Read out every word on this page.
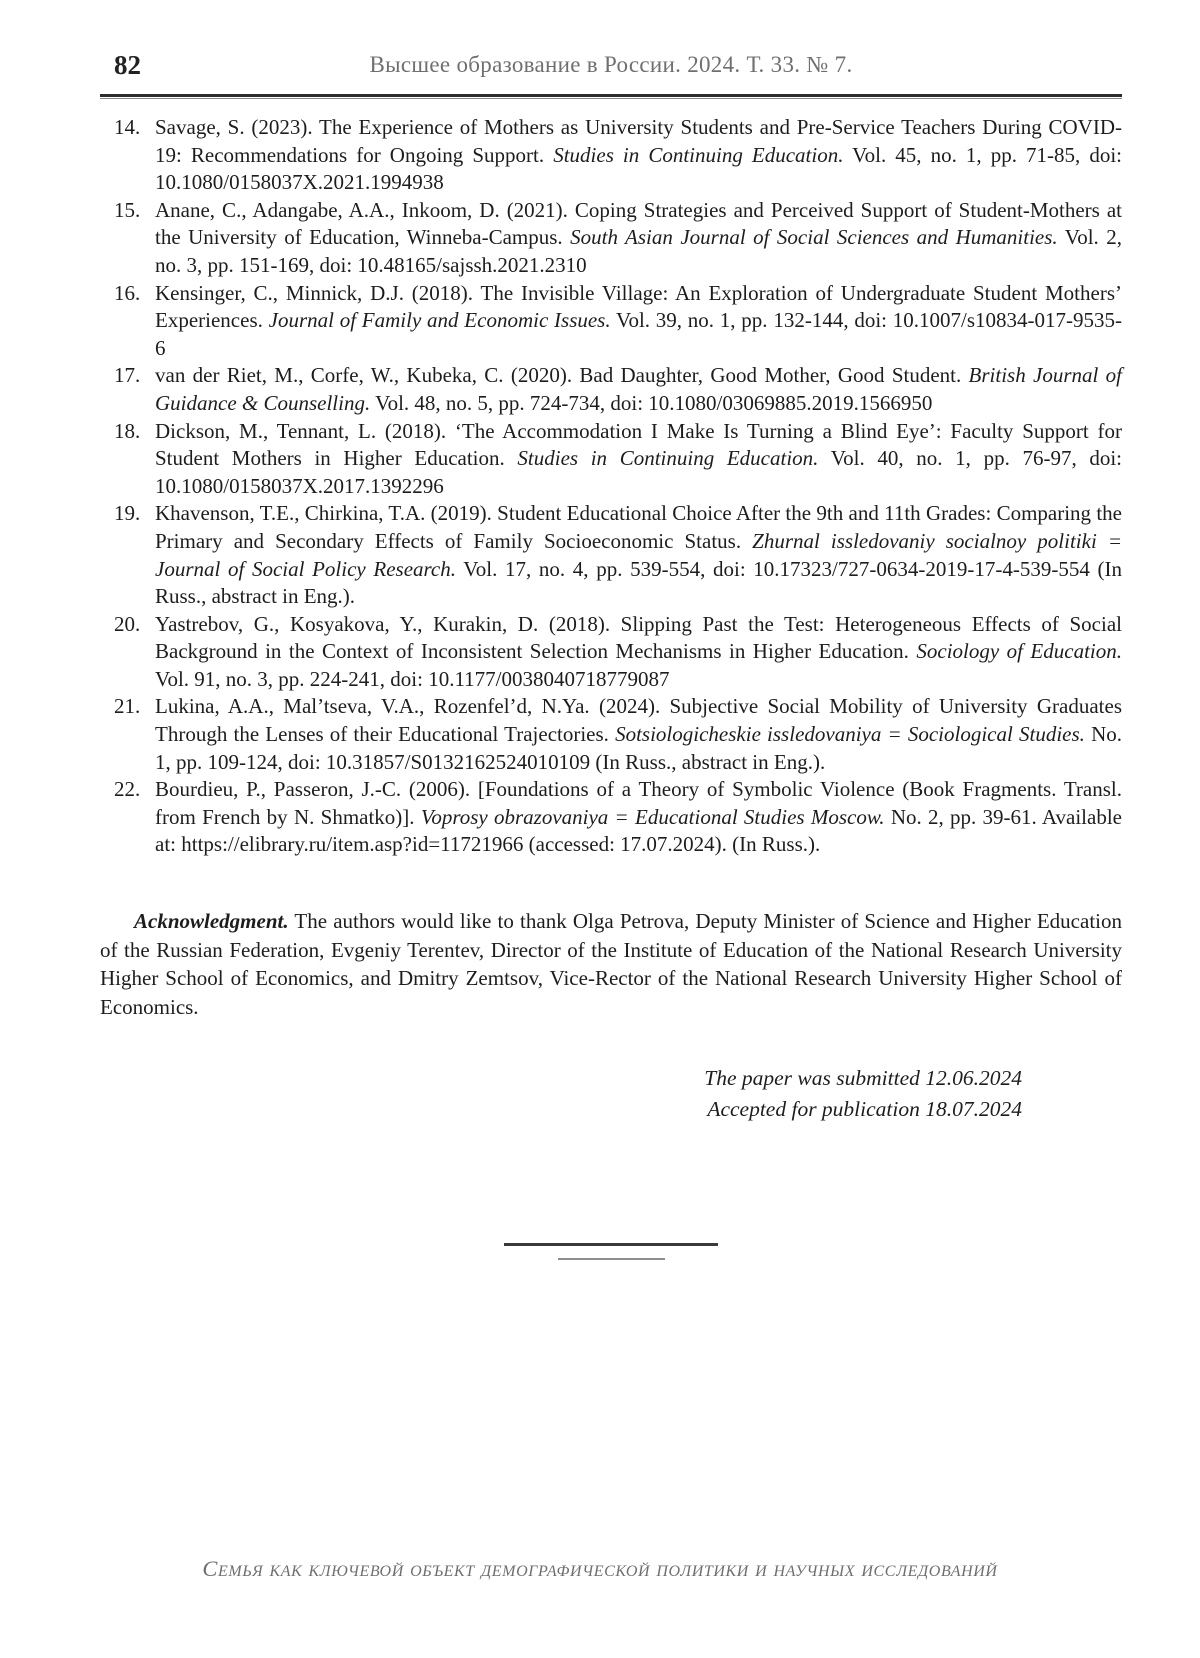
82	Высшее образование в России. 2024. Т. 33. № 7.
14. Savage, S. (2023). The Experience of Mothers as University Students and Pre-Service Teachers During COVID-19: Recommendations for Ongoing Support. Studies in Continuing Education. Vol. 45, no. 1, pp. 71-85, doi: 10.1080/0158037X.2021.1994938
15. Anane, C., Adangabe, A.A., Inkoom, D. (2021). Coping Strategies and Perceived Support of Student-Mothers at the University of Education, Winneba-Campus. South Asian Journal of Social Sciences and Humanities. Vol. 2, no. 3, pp. 151-169, doi: 10.48165/sajssh.2021.2310
16. Kensinger, C., Minnick, D.J. (2018). The Invisible Village: An Exploration of Undergraduate Student Mothers’ Experiences. Journal of Family and Economic Issues. Vol. 39, no. 1, pp. 132-144, doi: 10.1007/s10834-017-9535-6
17. van der Riet, M., Corfe, W., Kubeka, C. (2020). Bad Daughter, Good Mother, Good Student. British Journal of Guidance & Counselling. Vol. 48, no. 5, pp. 724-734, doi: 10.1080/03069885.2019.1566950
18. Dickson, M., Tennant, L. (2018). ‘The Accommodation I Make Is Turning a Blind Eye’: Faculty Support for Student Mothers in Higher Education. Studies in Continuing Education. Vol. 40, no. 1, pp. 76-97, doi: 10.1080/0158037X.2017.1392296
19. Khavenson, T.E., Chirkina, T.A. (2019). Student Educational Choice After the 9th and 11th Grades: Comparing the Primary and Secondary Effects of Family Socioeconomic Status. Zhurnal issledovaniy socialnoy politiki = Journal of Social Policy Research. Vol. 17, no. 4, pp. 539-554, doi: 10.17323/727-0634-2019-17-4-539-554 (In Russ., abstract in Eng.).
20. Yastrebov, G., Kosyakova, Y., Kurakin, D. (2018). Slipping Past the Test: Heterogeneous Effects of Social Background in the Context of Inconsistent Selection Mechanisms in Higher Education. Sociology of Education. Vol. 91, no. 3, pp. 224-241, doi: 10.1177/0038040718779087
21. Lukina, A.A., Mal’tseva, V.A., Rozenfel’d, N.Ya. (2024). Subjective Social Mobility of University Graduates Through the Lenses of their Educational Trajectories. Sotsiologicheskie issledovaniya = Sociological Studies. No. 1, pp. 109-124, doi: 10.31857/S0132162524010109 (In Russ., abstract in Eng.).
22. Bourdieu, P., Passeron, J.-C. (2006). [Foundations of a Theory of Symbolic Violence (Book Fragments. Transl. from French by N. Shmatko)]. Voprosy obrazovaniya = Educational Studies Moscow. No. 2, pp. 39-61. Available at: https://elibrary.ru/item.asp?id=11721966 (accessed: 17.07.2024). (In Russ.).

Acknowledgment. The authors would like to thank Olga Petrova, Deputy Minister of Science and Higher Education of the Russian Federation, Evgeniy Terentev, Director of the Institute of Education of the National Research University Higher School of Economics, and Dmitry Zemtsov, Vice-Rector of the National Research University Higher School of Economics.

The paper was submitted 12.06.2024
Accepted for publication 18.07.2024
Семья как ключевой объект демографической политики и научных исследований
